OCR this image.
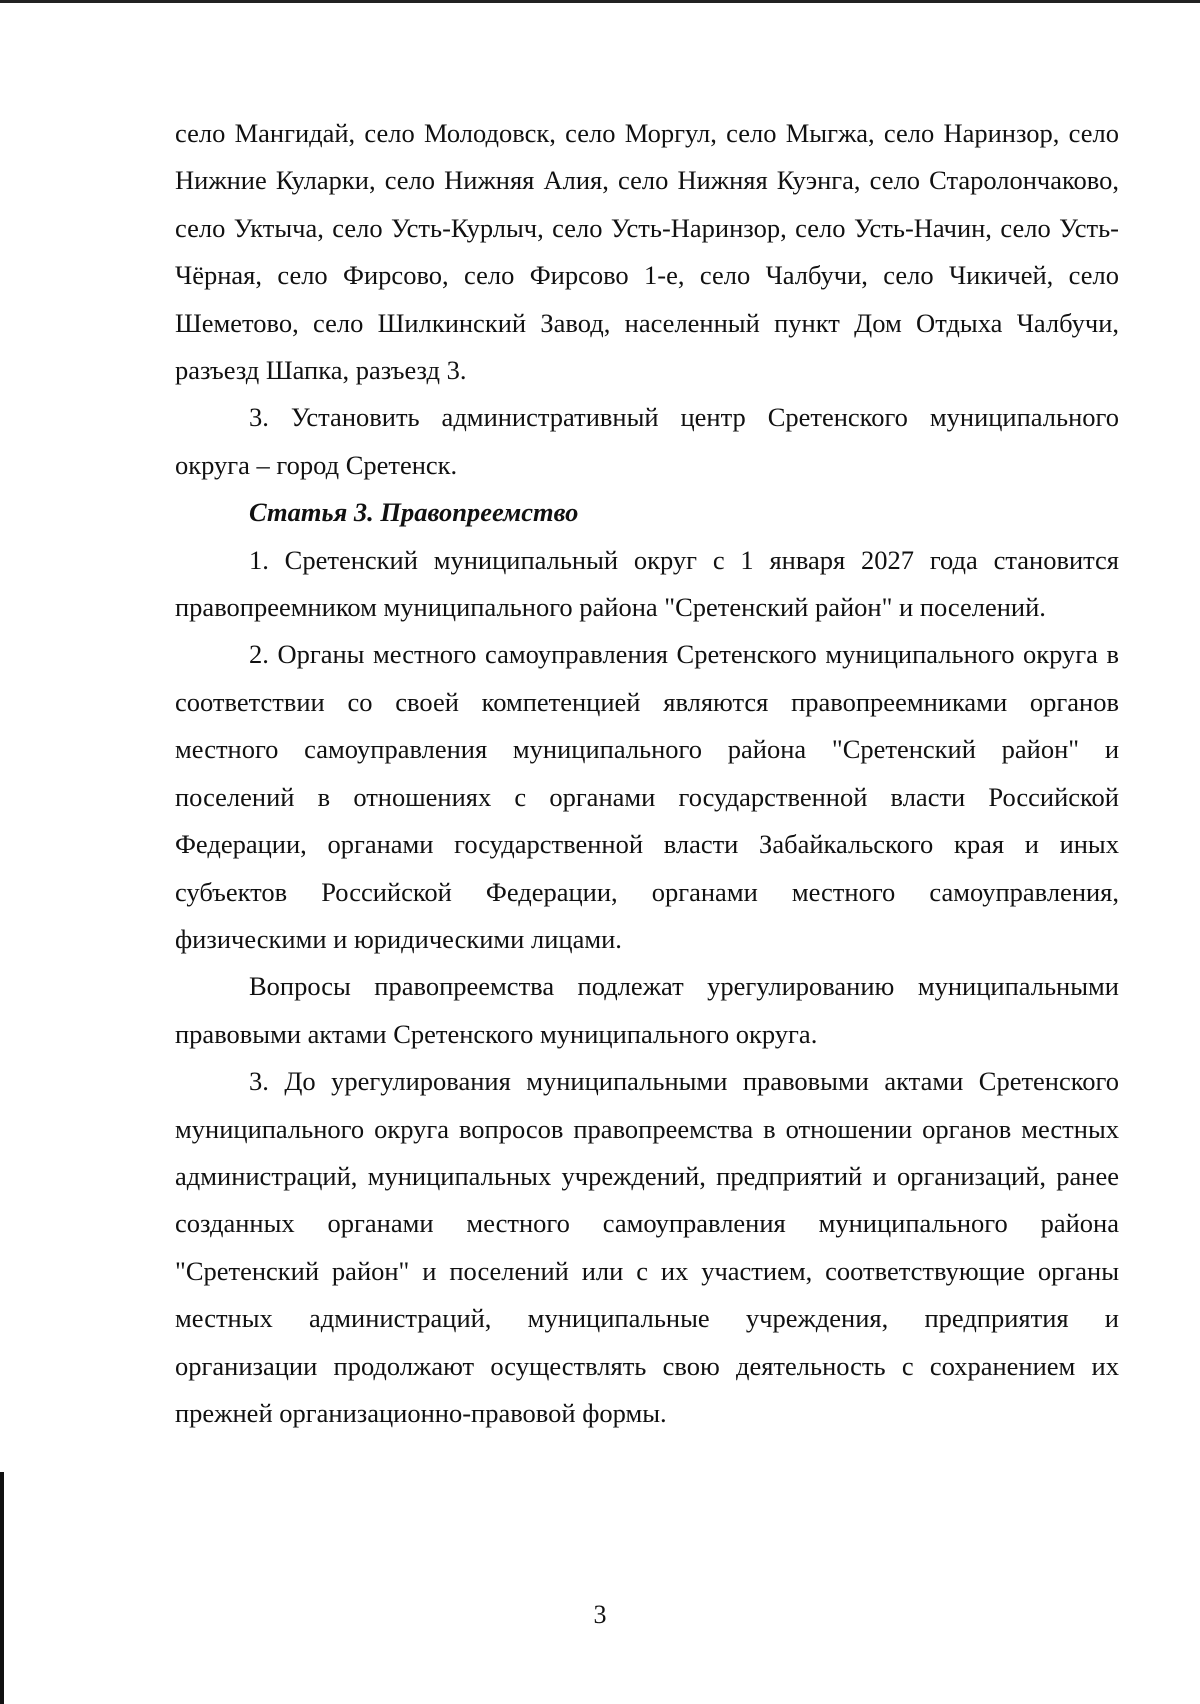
село Мангидай, село Молодовск, село Моргул, село Мыгжа, село Наринзор, село Нижние Куларки, село Нижняя Алия, село Нижняя Куэнга, село Старолончаково, село Уктыча, село Усть-Курлыч, село Усть-Наринзор, село Усть-Начин, село Усть-Чёрная, село Фирсово, село Фирсово 1-е, село Чалбучи, село Чикичей, село Шеметово, село Шилкинский Завод, населенный пункт Дом Отдыха Чалбучи, разъезд Шапка, разъезд 3.

3. Установить административный центр Сретенского муниципального округа – город Сретенск.

Статья 3. Правопреемство

1. Сретенский муниципальный округ с 1 января 2027 года становится правопреемником муниципального района "Сретенский район" и поселений.

2. Органы местного самоуправления Сретенского муниципального округа в соответствии со своей компетенцией являются правопреемниками органов местного самоуправления муниципального района "Сретенский район" и поселений в отношениях с органами государственной власти Российской Федерации, органами государственной власти Забайкальского края и иных субъектов Российской Федерации, органами местного самоуправления, физическими и юридическими лицами.

Вопросы правопреемства подлежат урегулированию муниципальными правовыми актами Сретенского муниципального округа.

3. До урегулирования муниципальными правовыми актами Сретенского муниципального округа вопросов правопреемства в отношении органов местных администраций, муниципальных учреждений, предприятий и организаций, ранее созданных органами местного самоуправления муниципального района "Сретенский район" и поселений или с их участием, соответствующие органы местных администраций, муниципальные учреждения, предприятия и организации продолжают осуществлять свою деятельность с сохранением их прежней организационно-правовой формы.

3
